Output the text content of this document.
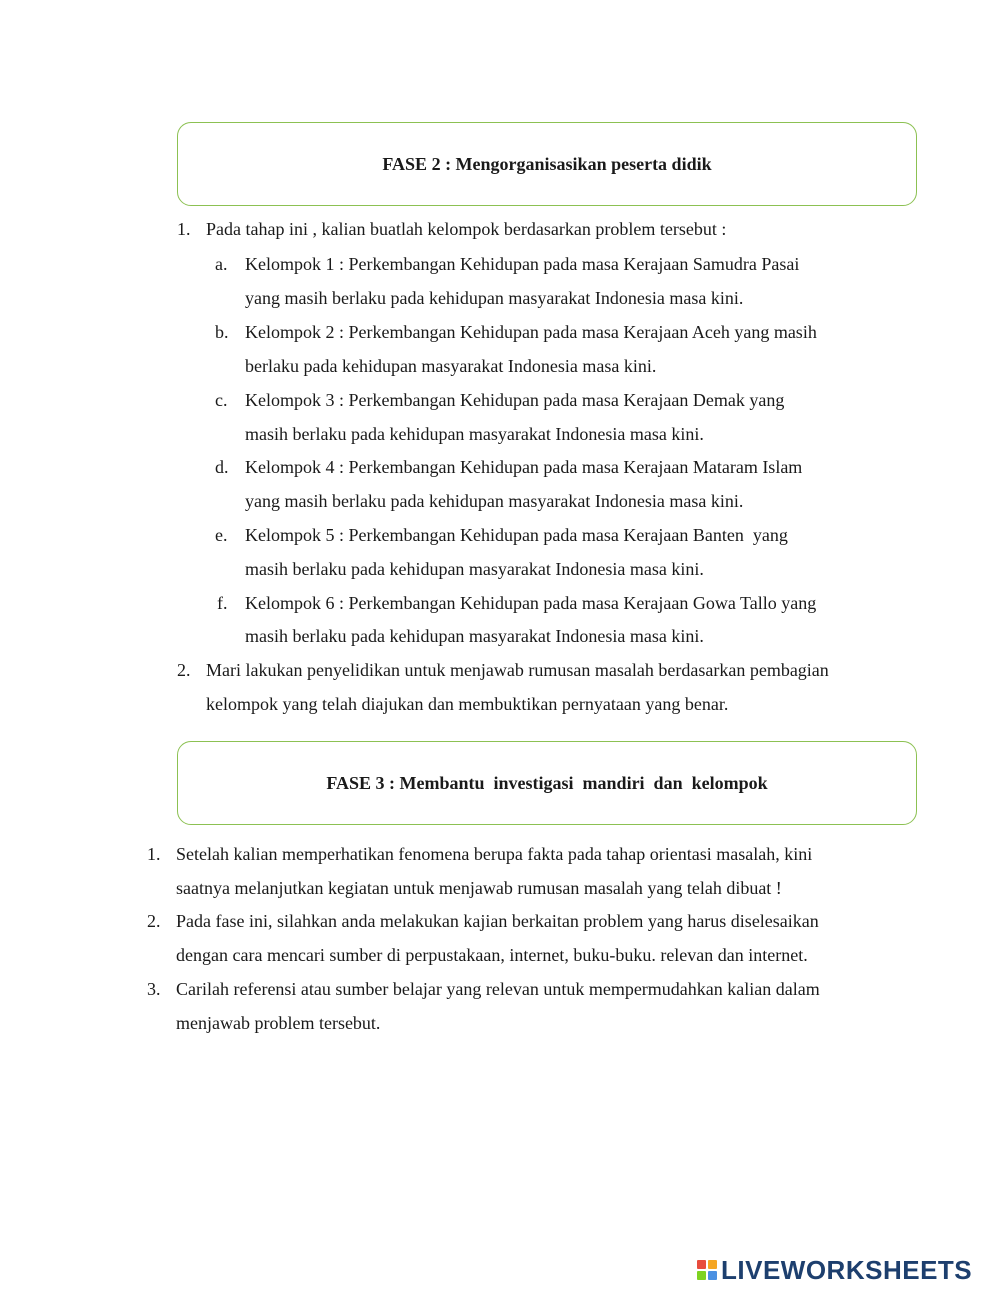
FASE 2 : Mengorganisasikan peserta didik
1. Pada tahap ini , kalian buatlah kelompok berdasarkan problem tersebut :
a. Kelompok 1 : Perkembangan Kehidupan pada masa Kerajaan Samudra Pasai
yang masih berlaku pada kehidupan masyarakat Indonesia masa kini.
b. Kelompok 2 : Perkembangan Kehidupan pada masa Kerajaan Aceh yang masih
berlaku pada kehidupan masyarakat Indonesia masa kini.
c. Kelompok 3 : Perkembangan Kehidupan pada masa Kerajaan Demak yang
masih berlaku pada kehidupan masyarakat Indonesia masa kini.
d. Kelompok 4 : Perkembangan Kehidupan pada masa Kerajaan Mataram Islam
yang masih berlaku pada kehidupan masyarakat Indonesia masa kini.
e. Kelompok 5 : Perkembangan Kehidupan pada masa Kerajaan Banten  yang
masih berlaku pada kehidupan masyarakat Indonesia masa kini.
f. Kelompok 6 : Perkembangan Kehidupan pada masa Kerajaan Gowa Tallo yang
masih berlaku pada kehidupan masyarakat Indonesia masa kini.
2. Mari lakukan penyelidikan untuk menjawab rumusan masalah berdasarkan pembagian
kelompok yang telah diajukan dan membuktikan pernyataan yang benar.
FASE 3 : Membantu  investigasi  mandiri  dan  kelompok
1. Setelah kalian memperhatikan fenomena berupa fakta pada tahap orientasi masalah, kini
saatnya melanjutkan kegiatan untuk menjawab rumusan masalah yang telah dibuat !
2. Pada fase ini, silahkan anda melakukan kajian berkaitan problem yang harus diselesaikan
dengan cara mencari sumber di perpustakaan, internet, buku-buku. relevan dan internet.
3. Carilah referensi atau sumber belajar yang relevan untuk mempermudahkan kalian dalam
menjawab problem tersebut.
LIVEWORKSHEETS
